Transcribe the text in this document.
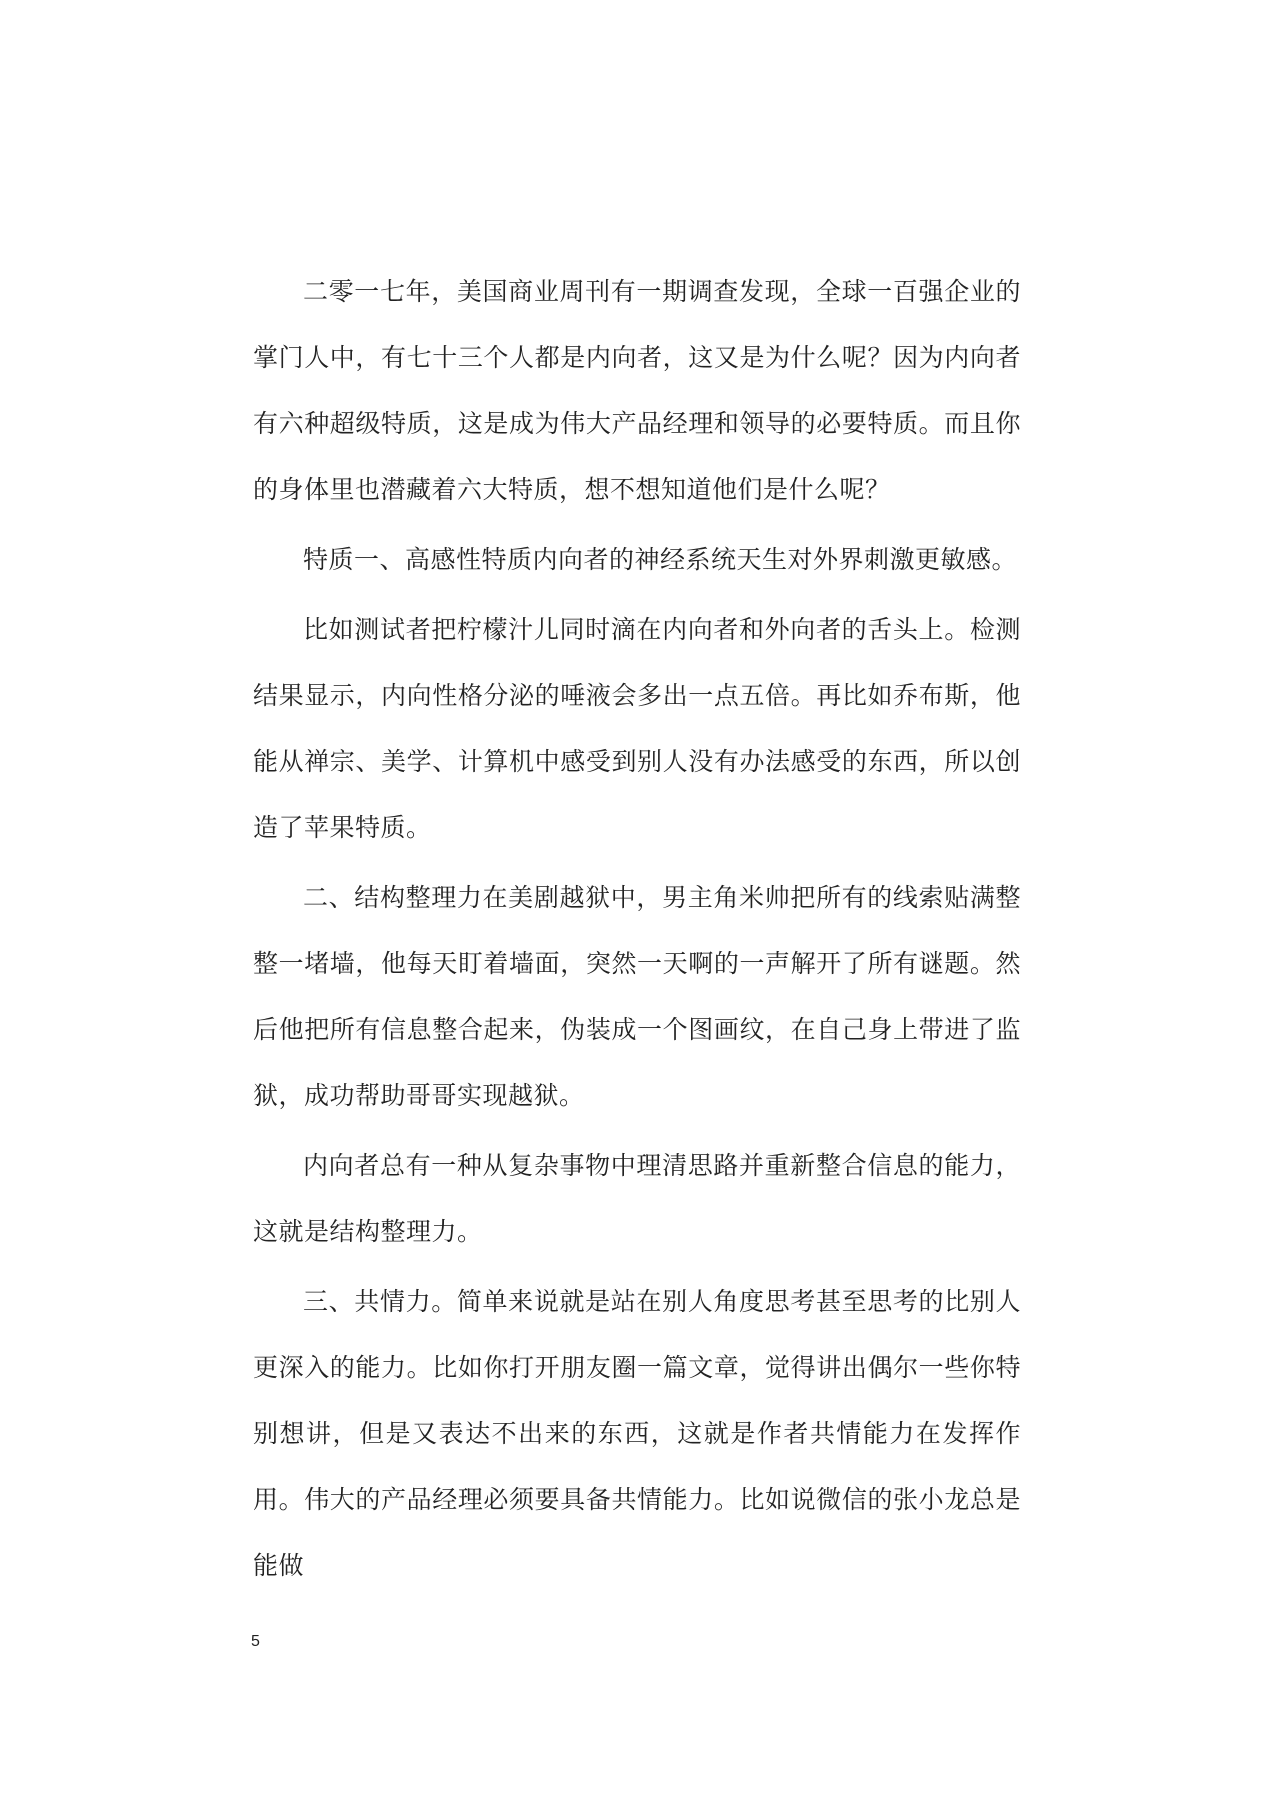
二零一七年，美国商业周刊有一期调查发现，全球一百强企业的掌门人中，有七十三个人都是内向者，这又是为什么呢？因为内向者有六种超级特质，这是成为伟大产品经理和领导的必要特质。而且你的身体里也潜藏着六大特质，想不想知道他们是什么呢？

特质一、高感性特质内向者的神经系统天生对外界刺激更敏感。

比如测试者把柠檬汁儿同时滴在内向者和外向者的舌头上。检测结果显示，内向性格分泌的唾液会多出一点五倍。再比如乔布斯，他能从禅宗、美学、计算机中感受到别人没有办法感受的东西，所以创造了苹果特质。

二、结构整理力在美剧越狱中，男主角米帅把所有的线索贴满整整一堵墙，他每天盯着墙面，突然一天啊的一声解开了所有谜题。然后他把所有信息整合起来，伪装成一个图画纹，在自己身上带进了监狱，成功帮助哥哥实现越狱。

内向者总有一种从复杂事物中理清思路并重新整合信息的能力，这就是结构整理力。

三、共情力。简单来说就是站在别人角度思考甚至思考的比别人更深入的能力。比如你打开朋友圈一篇文章，觉得讲出偶尔一些你特别想讲，但是又表达不出来的东西，这就是作者共情能力在发挥作用。伟大的产品经理必须要具备共情能力。比如说微信的张小龙总是能做

5
